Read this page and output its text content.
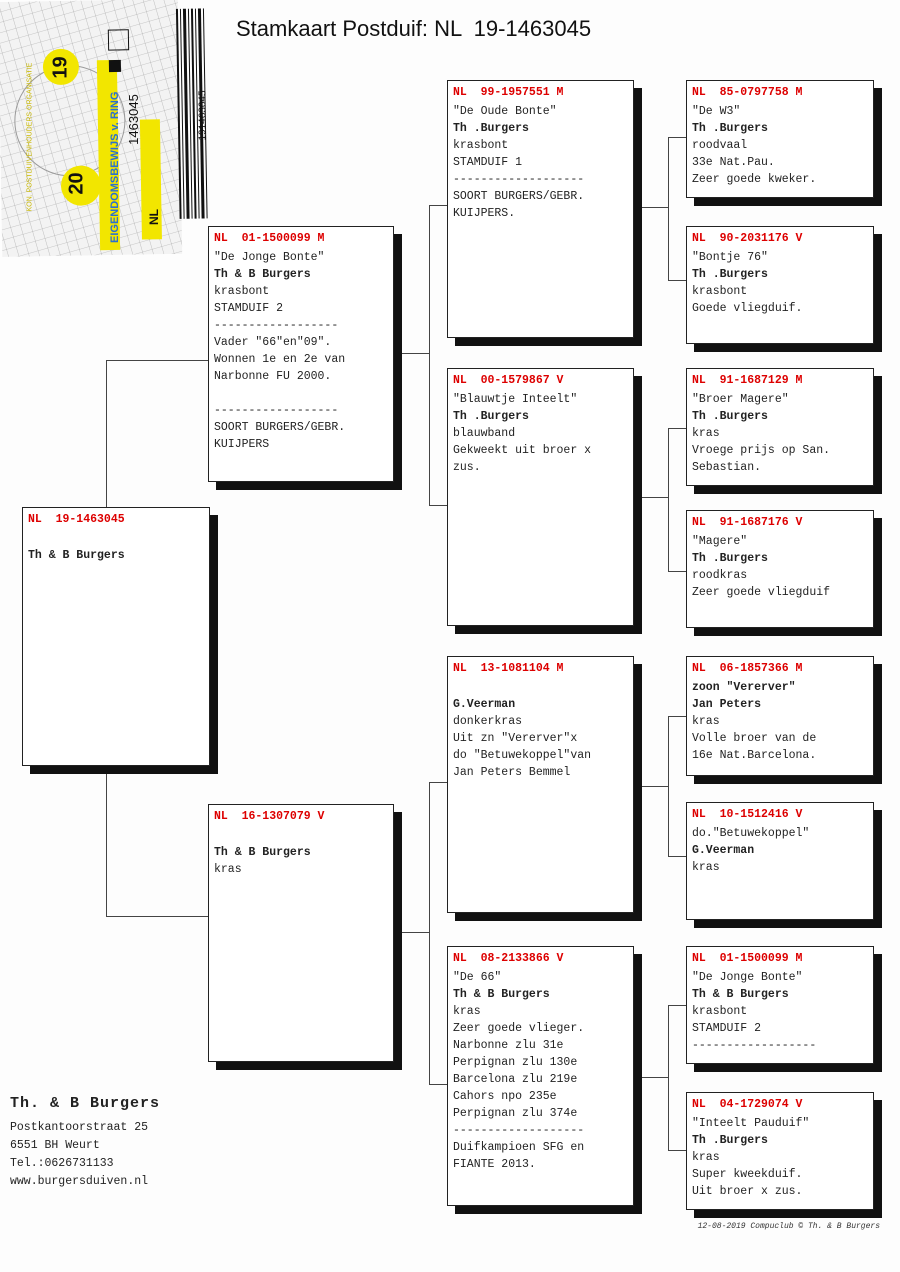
Stamkaart Postduif: NL  19-1463045
20
19
EIGENDOMSBEWIJS v. RING
KON. POSTDUIVENHOUDERS ORGANISATIE	1463045	191463045
NL
NL  19-1463045

Th & B Burgers
NL  01-1500099 M
"De Jonge Bonte"
Th & B Burgers
krasbont
STAMDUIF 2
------------------
Vader "66"en"09".
Wonnen 1e en 2e van
Narbonne FU 2000.

------------------
SOORT BURGERS/GEBR.
KUIJPERS
NL  16-1307079 V

Th & B Burgers
kras
NL  99-1957551 M
"De Oude Bonte"
Th .Burgers
krasbont
STAMDUIF 1
-------------------
SOORT BURGERS/GEBR.
KUIJPERS.
NL  00-1579867 V
"Blauwtje Inteelt"
Th .Burgers
blauwband
Gekweekt uit broer x
zus.
NL  13-1081104 M

G.Veerman
donkerkras
Uit zn "Vererver"x
do "Betuwekoppel"van
Jan Peters Bemmel
NL  08-2133866 V
"De 66"
Th & B Burgers
kras
Zeer goede vlieger.
Narbonne zlu 31e
Perpignan zlu 130e
Barcelona zlu 219e
Cahors npo 235e
Perpignan zlu 374e
-------------------
Duifkampioen SFG en
FIANTE 2013.
NL  85-0797758 M
"De W3"
Th .Burgers
roodvaal
33e Nat.Pau.
Zeer goede kweker.
NL  90-2031176 V
"Bontje 76"
Th .Burgers
krasbont
Goede vliegduif.
NL  91-1687129 M
"Broer Magere"
Th .Burgers
kras
Vroege prijs op San.
Sebastian.
NL  91-1687176 V
"Magere"
Th .Burgers
roodkras
Zeer goede vliegduif
NL  06-1857366 M
zoon "Vererver"
Jan Peters
kras
Volle broer van de
16e Nat.Barcelona.
NL  10-1512416 V
do."Betuwekoppel"
G.Veerman
kras
NL  01-1500099 M
"De Jonge Bonte"
Th & B Burgers
krasbont
STAMDUIF 2
------------------
NL  04-1729074 V
"Inteelt Pauduif"
Th .Burgers
kras
Super kweekduif.
Uit broer x zus.
Th. & B Burgers
Postkantoorstraat 25
6551 BH Weurt
Tel.:0626731133
www.burgersduiven.nl
12-08-2019 Compuclub © Th. & B Burgers
